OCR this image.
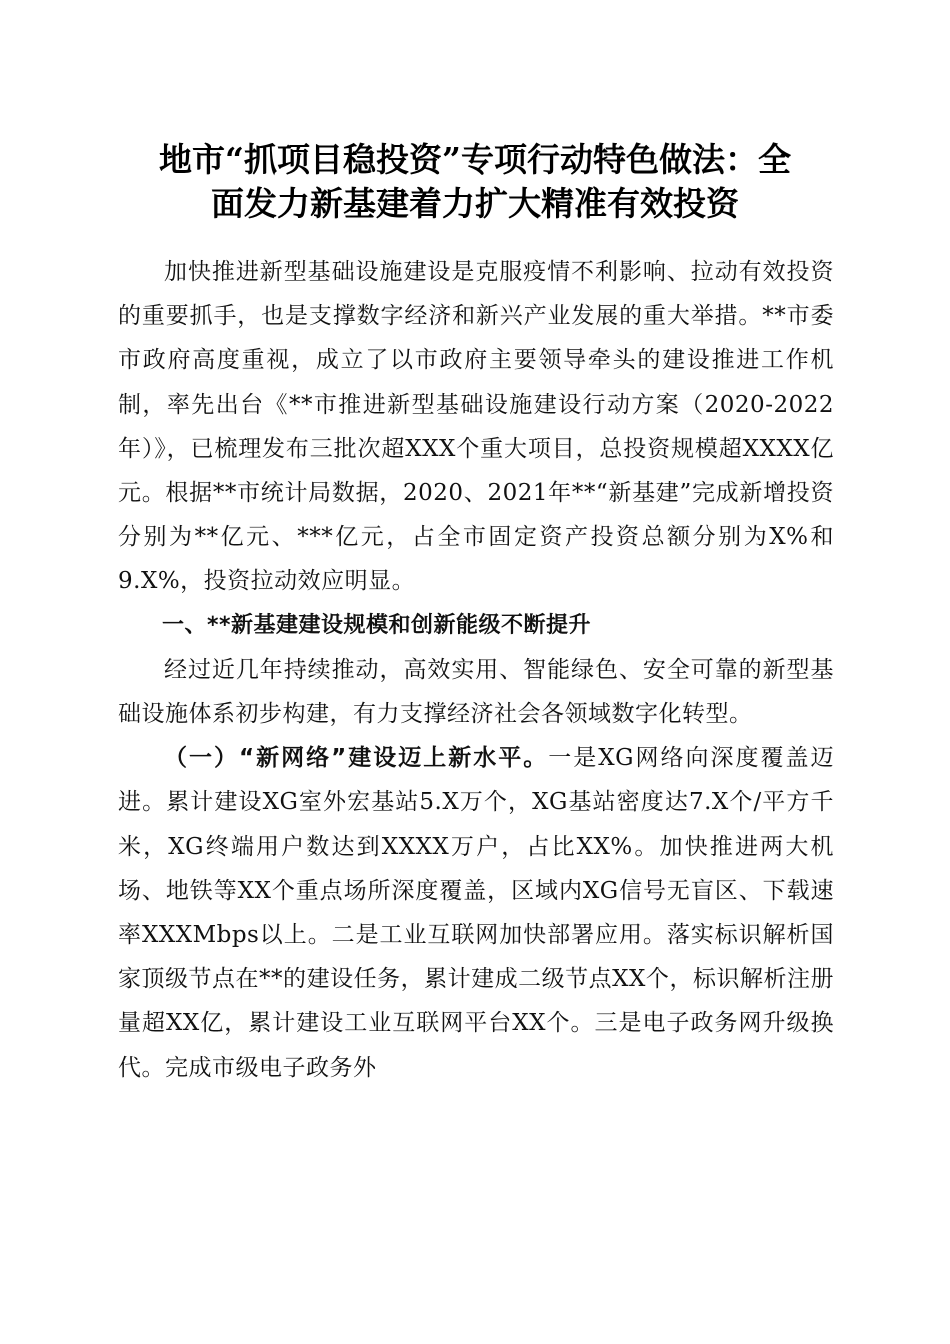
地市“抓项目稳投资”专项行动特色做法：全
面发力新基建着力扩大精准有效投资

加快推进新型基础设施建设是克服疫情不利影响、拉动有效投资的重要抓手，也是支撑数字经济和新兴产业发展的重大举措。**市委市政府高度重视，成立了以市政府主要领导牵头的建设推进工作机制，率先出台《**市推进新型基础设施建设行动方案（2020-2022年）》，已梳理发布三批次超XXX个重大项目，总投资规模超XXXX亿元。根据**市统计局数据，2020、2021年**“新基建”完成新增投资分别为**亿元、***亿元，占全市固定资产投资总额分别为X%和9.X%，投资拉动效应明显。

一、**新基建建设规模和创新能级不断提升

经过近几年持续推动，高效实用、智能绿色、安全可靠的新型基础设施体系初步构建，有力支撑经济社会各领域数字化转型。

（一）“新网络”建设迈上新水平。一是XG网络向深度覆盖迈进。累计建设XG室外宏基站5.X万个，XG基站密度达7.X个/平方千米，XG终端用户数达到XXXX万户，占比XX%。加快推进两大机场、地铁等XX个重点场所深度覆盖，区域内XG信号无盲区、下载速率XXXMbps以上。二是工业互联网加快部署应用。落实标识解析国家顶级节点在**的建设任务，累计建成二级节点XX个，标识解析注册量超XX亿，累计建设工业互联网平台XX个。三是电子政务网升级换代。完成市级电子政务外
